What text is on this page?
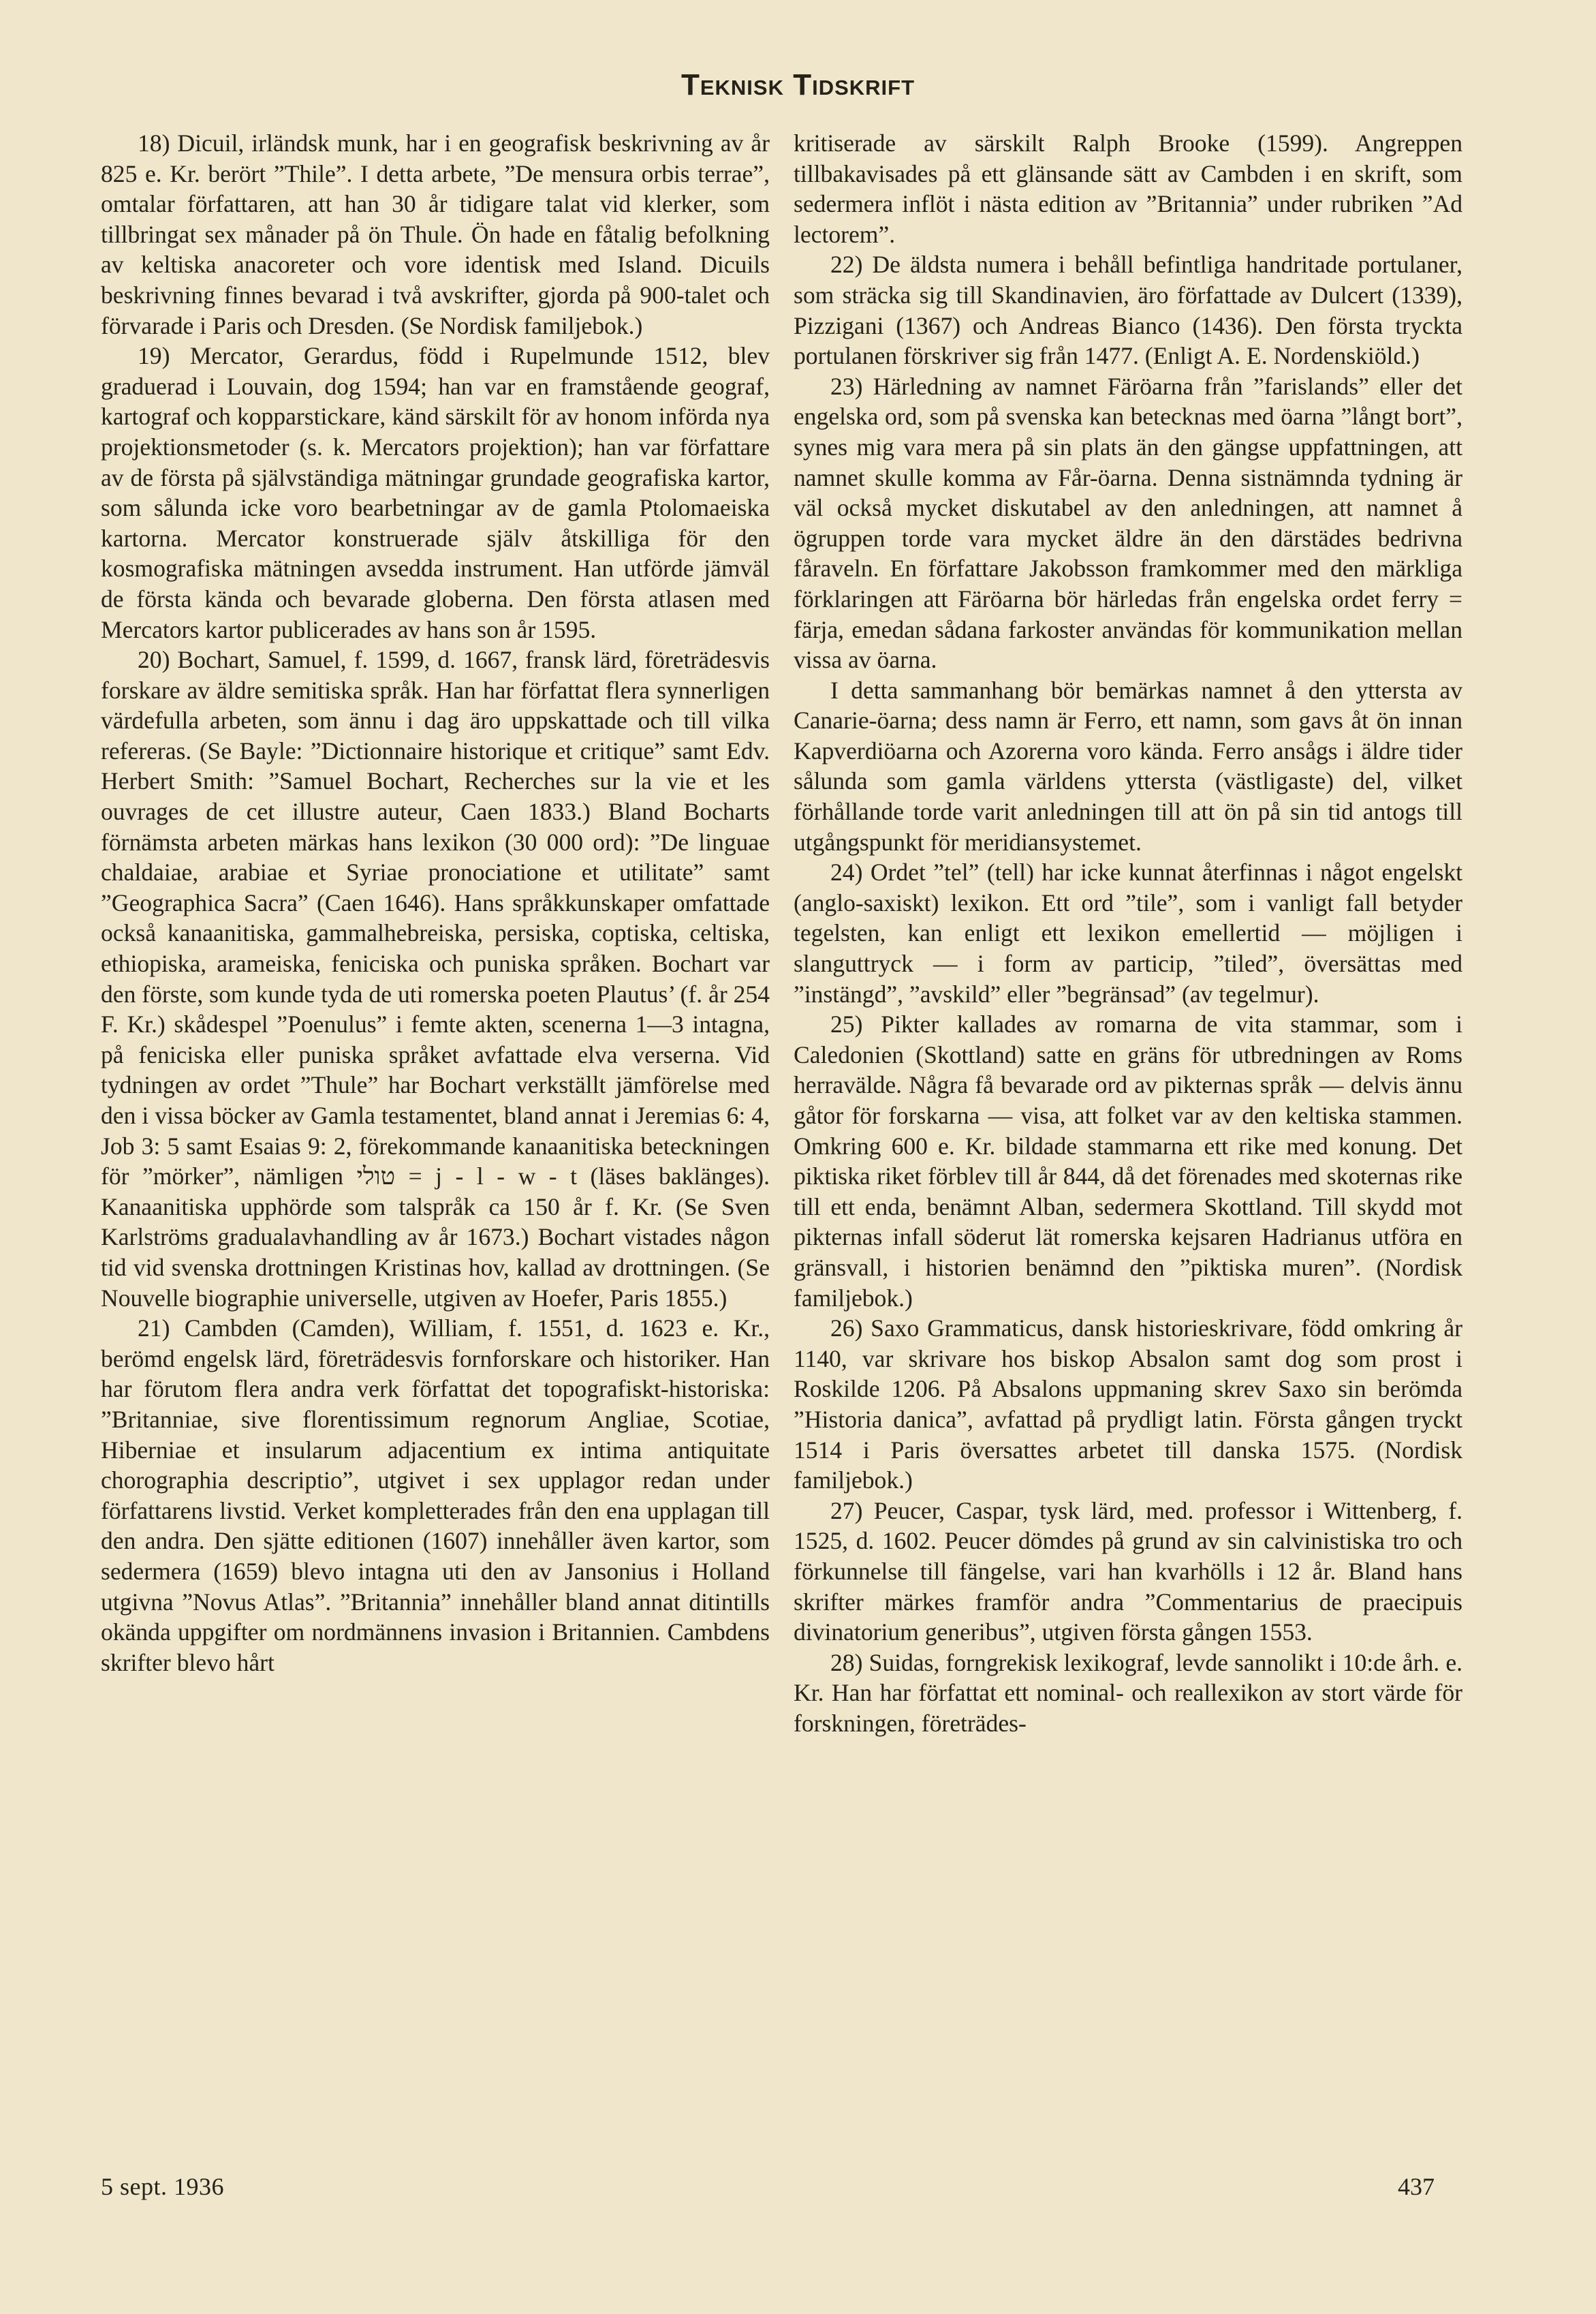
Teknisk Tidskrift

18) Dicuil, irländsk munk, har i en geografisk beskrivning av år 825 e. Kr. berört ”Thile”. I detta arbete, ”De mensura orbis terrae”, omtalar författaren, att han 30 år tidigare talat vid klerker, som tillbringat sex månader på ön Thule. Ön hade en fåtalig befolkning av keltiska anacoreter och vore identisk med Island. Dicuils beskrivning finnes bevarad i två avskrifter, gjorda på 900-talet och förvarade i Paris och Dresden. (Se Nordisk familjebok.)

19) Mercator, Gerardus, född i Rupelmunde 1512, blev graduerad i Louvain, dog 1594; han var en framstående geograf, kartograf och kopparstickare, känd särskilt för av honom införda nya projektionsmetoder (s. k. Mercators projektion); han var författare av de första på självständiga mätningar grundade geografiska kartor, som sålunda icke voro bearbetningar av de gamla Ptolomaeiska kartorna. Mercator konstruerade själv åtskilliga för den kosmografiska mätningen avsedda instrument. Han utförde jämväl de första kända och bevarade globerna. Den första atlasen med Mercators kartor publicerades av hans son år 1595.

20) Bochart, Samuel, f. 1599, d. 1667, fransk lärd, företrädesvis forskare av äldre semitiska språk. Han har författat flera synnerligen värdefulla arbeten, som ännu i dag äro uppskattade och till vilka refereras. (Se Bayle: ”Dictionnaire historique et critique” samt Edv. Herbert Smith: ”Samuel Bochart, Recherches sur la vie et les ouvrages de cet illustre auteur, Caen 1833.) Bland Bocharts förnämsta arbeten märkas hans lexikon (30 000 ord): ”De linguae chaldaiae, arabiae et Syriae pronociatione et utilitate” samt ”Geographica Sacra” (Caen 1646). Hans språkkunskaper omfattade också kanaanitiska, gammalhebreiska, persiska, coptiska, celtiska, ethiopiska, arameiska, feniciska och puniska språken. Bochart var den förste, som kunde tyda de uti romerska poeten Plautus’ (f. år 254 F. Kr.) skådespel ”Poenulus” i femte akten, scenerna 1—3 intagna, på feniciska eller puniska språket avfattade elva verserna. Vid tydningen av ordet ”Thule” har Bochart verkställt jämförelse med den i vissa böcker av Gamla testamentet, bland annat i Jeremias 6: 4, Job 3: 5 samt Esaias 9: 2, förekommande kanaanitiska beteckningen för ”mörker”, nämligen טולי = j - l - w - t (läses baklänges). Kanaanitiska upphörde som talspråk ca 150 år f. Kr. (Se Sven Karlströms gradualavhandling av år 1673.) Bochart vistades någon tid vid svenska drottningen Kristinas hov, kallad av drottningen. (Se Nouvelle biographie universelle, utgiven av Hoefer, Paris 1855.)

21) Cambden (Camden), William, f. 1551, d. 1623 e. Kr., berömd engelsk lärd, företrädesvis fornforskare och historiker. Han har förutom flera andra verk författat det topografiskt-historiska: ”Britanniae, sive florentissimum regnorum Angliae, Scotiae, Hiberniae et insularum adjacentium ex intima antiquitate chorographia descriptio”, utgivet i sex upplagor redan under författarens livstid. Verket kompletterades från den ena upplagan till den andra. Den sjätte editionen (1607) innehåller även kartor, som sedermera (1659) blevo intagna uti den av Jansonius i Holland utgivna ”Novus Atlas”. ”Britannia” innehåller bland annat ditintills okända uppgifter om nordmännens invasion i Britannien. Cambdens skrifter blevo hårt

kritiserade av särskilt Ralph Brooke (1599). Angreppen tillbakavisades på ett glänsande sätt av Cambden i en skrift, som sedermera inflöt i nästa edition av ”Britannia” under rubriken ”Ad lectorem”.

22) De äldsta numera i behåll befintliga handritade portulaner, som sträcka sig till Skandinavien, äro författade av Dulcert (1339), Pizzigani (1367) och Andreas Bianco (1436). Den första tryckta portulanen förskriver sig från 1477. (Enligt A. E. Nordenskiöld.)

23) Härledning av namnet Färöarna från ”farislands” eller det engelska ord, som på svenska kan betecknas med öarna ”långt bort”, synes mig vara mera på sin plats än den gängse uppfattningen, att namnet skulle komma av Får-öarna. Denna sistnämnda tydning är väl också mycket diskutabel av den anledningen, att namnet å ögruppen torde vara mycket äldre än den därstädes bedrivna fåraveln. En författare Jakobsson framkommer med den märkliga förklaringen att Färöarna bör härledas från engelska ordet ferry = färja, emedan sådana farkoster användas för kommunikation mellan vissa av öarna.

I detta sammanhang bör bemärkas namnet å den yttersta av Canarie-öarna; dess namn är Ferro, ett namn, som gavs åt ön innan Kapverdiöarna och Azorerna voro kända. Ferro ansågs i äldre tider sålunda som gamla världens yttersta (västligaste) del, vilket förhållande torde varit anledningen till att ön på sin tid antogs till utgångspunkt för meridiansystemet.

24) Ordet ”tel” (tell) har icke kunnat återfinnas i något engelskt (anglo-saxiskt) lexikon. Ett ord ”tile”, som i vanligt fall betyder tegelsten, kan enligt ett lexikon emellertid — möjligen i slanguttryck — i form av particip, ”tiled”, översättas med ”instängd”, ”avskild” eller ”begränsad” (av tegelmur).

25) Pikter kallades av romarna de vita stammar, som i Caledonien (Skottland) satte en gräns för utbredningen av Roms herravälde. Några få bevarade ord av pikternas språk — delvis ännu gåtor för forskarna — visa, att folket var av den keltiska stammen. Omkring 600 e. Kr. bildade stammarna ett rike med konung. Det piktiska riket förblev till år 844, då det förenades med skoternas rike till ett enda, benämnt Alban, sedermera Skottland. Till skydd mot pikternas infall söderut lät romerska kejsaren Hadrianus utföra en gränsvall, i historien benämnd den ”piktiska muren”. (Nordisk familjebok.)

26) Saxo Grammaticus, dansk historieskrivare, född omkring år 1140, var skrivare hos biskop Absalon samt dog som prost i Roskilde 1206. På Absalons uppmaning skrev Saxo sin berömda ”Historia danica”, avfattad på prydligt latin. Första gången tryckt 1514 i Paris översattes arbetet till danska 1575. (Nordisk familjebok.)

27) Peucer, Caspar, tysk lärd, med. professor i Wittenberg, f. 1525, d. 1602. Peucer dömdes på grund av sin calvinistiska tro och förkunnelse till fängelse, vari han kvarhölls i 12 år. Bland hans skrifter märkes framför andra ”Commentarius de praecipuis divinatorium generibus”, utgiven första gången 1553.

28) Suidas, forngrekisk lexikograf, levde sannolikt i 10:de årh. e. Kr. Han har författat ett nominal- och reallexikon av stort värde för forskningen, företrädes-

5 sept. 1936	437
